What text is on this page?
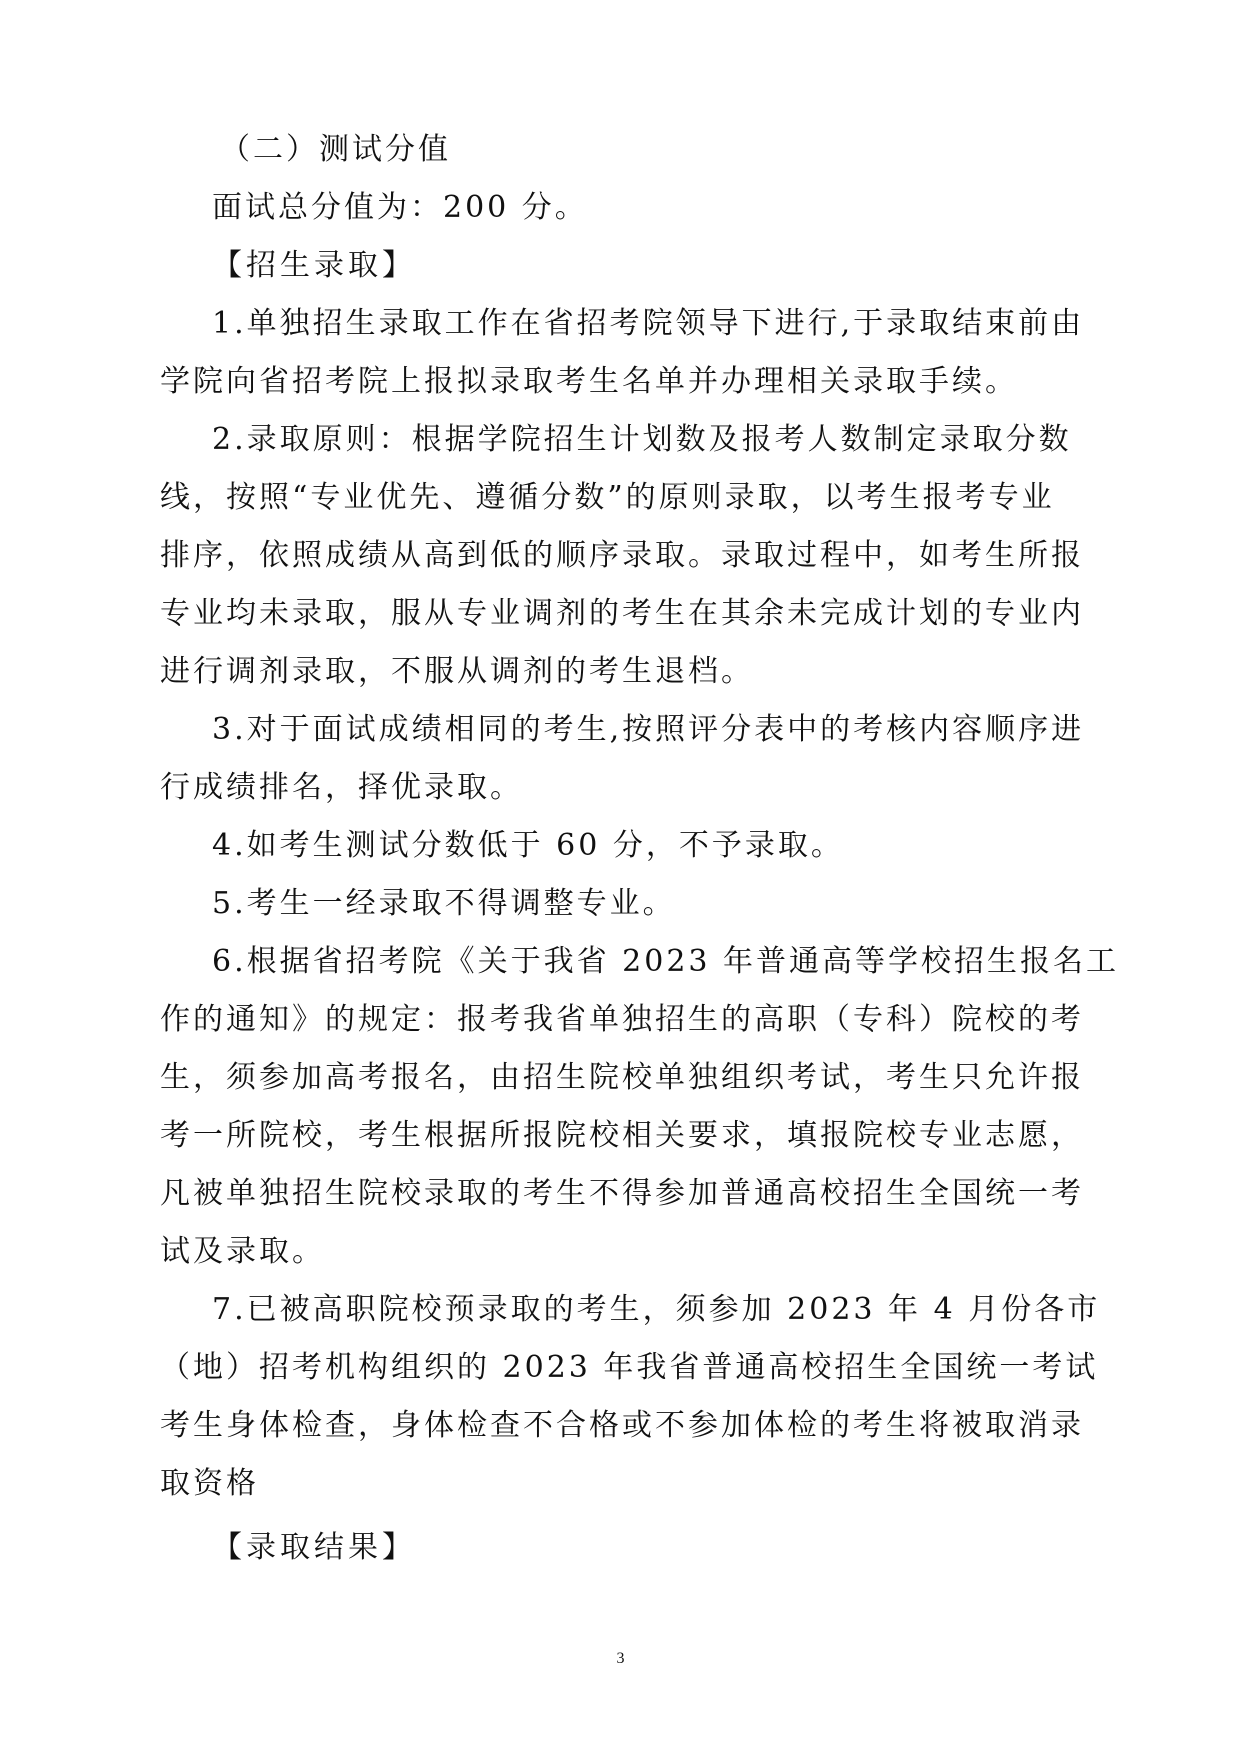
（二）测试分值
面试总分值为：200 分。
【招生录取】
1.单独招生录取工作在省招考院领导下进行,于录取结束前由
学院向省招考院上报拟录取考生名单并办理相关录取手续。
2.录取原则：根据学院招生计划数及报考人数制定录取分数
线，按照“专业优先、遵循分数”的原则录取，以考生报考专业
排序，依照成绩从高到低的顺序录取。录取过程中，如考生所报
专业均未录取，服从专业调剂的考生在其余未完成计划的专业内
进行调剂录取，不服从调剂的考生退档。
3.对于面试成绩相同的考生,按照评分表中的考核内容顺序进
行成绩排名，择优录取。
4.如考生测试分数低于 60 分，不予录取。
5.考生一经录取不得调整专业。
6.根据省招考院《关于我省 2023 年普通高等学校招生报名工
作的通知》的规定：报考我省单独招生的高职（专科）院校的考
生，须参加高考报名，由招生院校单独组织考试，考生只允许报
考一所院校，考生根据所报院校相关要求，填报院校专业志愿，
凡被单独招生院校录取的考生不得参加普通高校招生全国统一考
试及录取。
7.已被高职院校预录取的考生，须参加 2023 年 4 月份各市
（地）招考机构组织的 2023 年我省普通高校招生全国统一考试
考生身体检查，身体检查不合格或不参加体检的考生将被取消录
取资格
【录取结果】
3
